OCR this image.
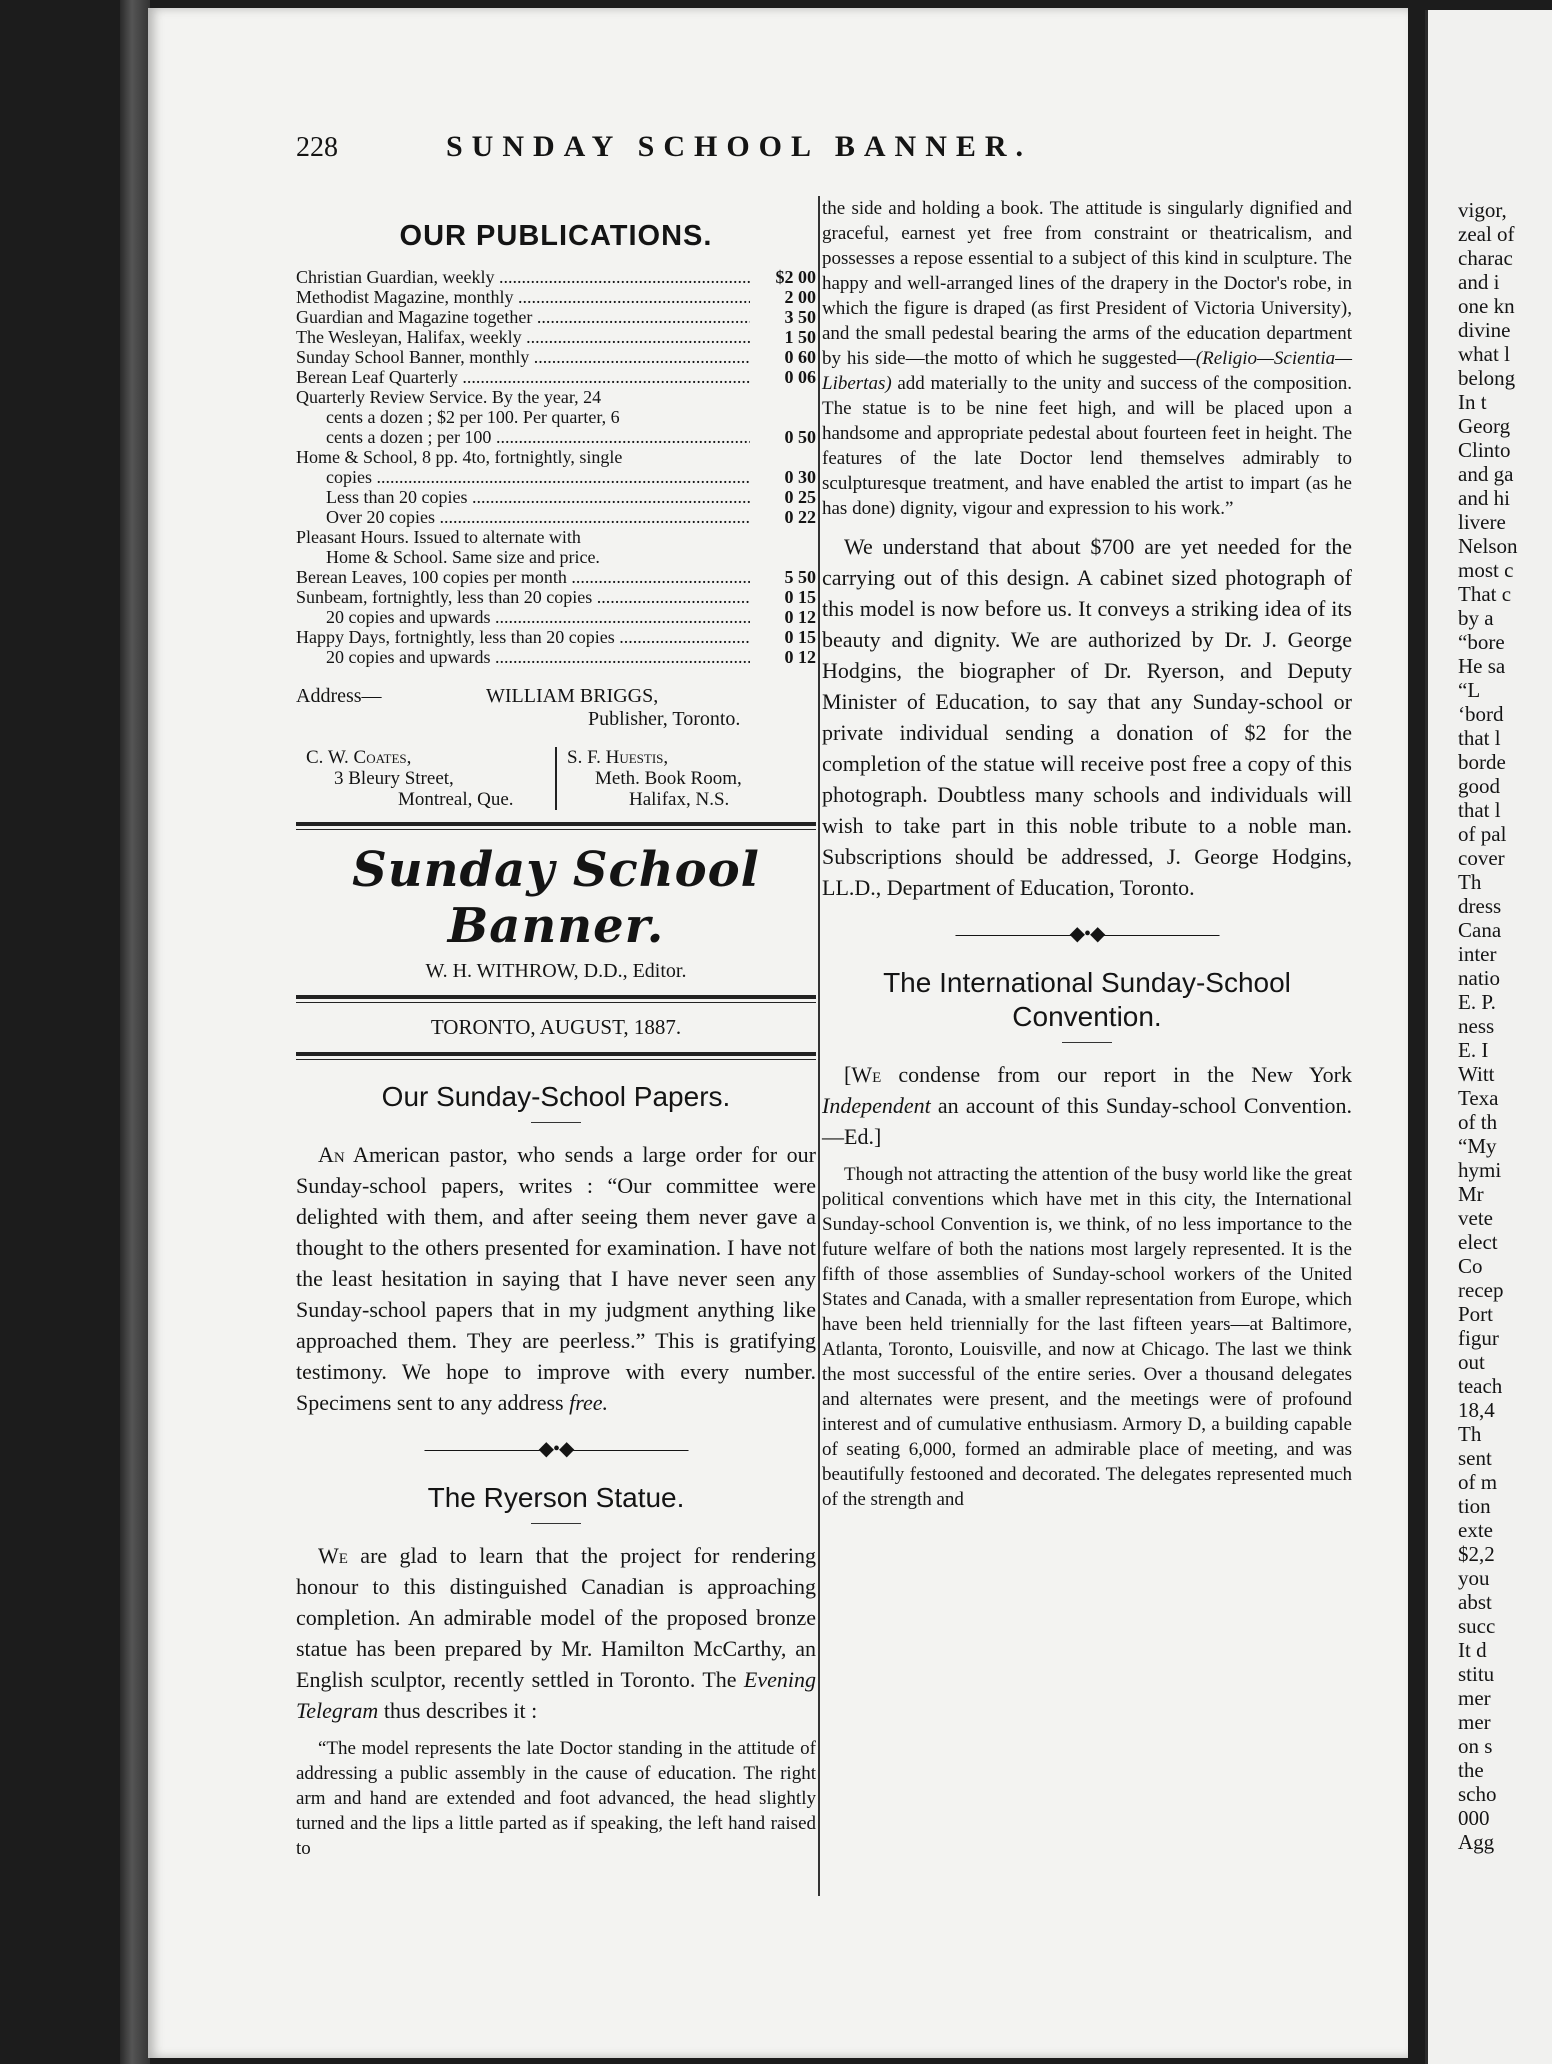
228	SUNDAY SCHOOL BANNER.
OUR PUBLICATIONS.
Christian Guardian, weekly .....	$2 00
Methodist Magazine, monthly .....	2 00
Guardian and Magazine together .....	3 50
The Wesleyan, Halifax, weekly .....	1 50
Sunday School Banner, monthly .....	0 60
Berean Leaf Quarterly .....	0 06
Quarterly Review Service. By the year, 24
cents a dozen ; $2 per 100. Per quarter, 6
cents a dozen ; per 100 .....	0 50
Home & School, 8 pp. 4to, fortnightly, single
copies .....	0 30
Less than 20 copies .....	0 25
Over 20 copies .....	0 22
Pleasant Hours. Issued to alternate with
Home & School. Same size and price.
Berean Leaves, 100 copies per month .....	5 50
Sunbeam, fortnightly, less than 20 copies .....	0 15
20 copies and upwards .....	0 12
Happy Days, fortnightly, less than 20 copies .....	0 15
20 copies and upwards .....	0 12
Address—	WILLIAM BRIGGS,
Publisher, Toronto.
C. W. Coates,
3 Bleury Street,
Montreal, Que.
S. F. Huestis,
Meth. Book Room,
Halifax, N.S.
Sunday School Banner.
W. H. WITHROW, D.D., Editor.
TORONTO, AUGUST, 1887.
Our Sunday-School Papers.

An American pastor, who sends a large order for our Sunday-school papers, writes : “Our committee were delighted with them, and after seeing them never gave a thought to the others presented for examination. I have not the least hesitation in saying that I have never seen any Sunday-school papers that in my judgment anything like approached them. They are peerless.” This is gratifying testimony. We hope to improve with every number. Specimens sent to any address free.

——————◆•◆——————
The Ryerson Statue.

We are glad to learn that the project for rendering honour to this distinguished Canadian is approaching completion. An admirable model of the proposed bronze statue has been prepared by Mr. Hamilton McCarthy, an English sculptor, recently settled in Toronto. The Evening Telegram thus describes it :

“The model represents the late Doctor standing in the attitude of addressing a public assembly in the cause of education. The right arm and hand are extended and foot advanced, the head slightly turned and the lips a little parted as if speaking, the left hand raised to

the side and holding a book. The attitude is singularly dignified and graceful, earnest yet free from constraint or theatricalism, and possesses a repose essential to a subject of this kind in sculpture. The happy and well-arranged lines of the drapery in the Doctor's robe, in which the figure is draped (as first President of Victoria University), and the small pedestal bearing the arms of the education department by his side—the motto of which he suggested—(Religio—Scientia—Libertas) add materially to the unity and success of the composition. The statue is to be nine feet high, and will be placed upon a handsome and appropriate pedestal about fourteen feet in height. The features of the late Doctor lend themselves admirably to sculpturesque treatment, and have enabled the artist to impart (as he has done) dignity, vigour and expression to his work.”

We understand that about $700 are yet needed for the carrying out of this design. A cabinet sized photograph of this model is now before us. It conveys a striking idea of its beauty and dignity. We are authorized by Dr. J. George Hodgins, the biographer of Dr. Ryerson, and Deputy Minister of Education, to say that any Sunday-school or private individual sending a donation of $2 for the completion of the statue will receive post free a copy of this photograph. Doubtless many schools and individuals will wish to take part in this noble tribute to a noble man. Subscriptions should be addressed, J. George Hodgins, LL.D., Department of Education, Toronto.

——————◆•◆——————
The International Sunday-School Convention.

[We condense from our report in the New York Independent an account of this Sunday-school Convention.—Ed.]

Though not attracting the attention of the busy world like the great political conventions which have met in this city, the International Sunday-school Convention is, we think, of no less importance to the future welfare of both the nations most largely represented. It is the fifth of those assemblies of Sunday-school workers of the United States and Canada, with a smaller representation from Europe, which have been held triennially for the last fifteen years—at Baltimore, Atlanta, Toronto, Louisville, and now at Chicago. The last we think the most successful of the entire series. Over a thousand delegates and alternates were present, and the meetings were of profound interest and of cumulative enthusiasm. Armory D, a building capable of seating 6,000, formed an admirable place of meeting, and was beautifully festooned and decorated. The delegates represented much of the strength and

vigor,
zeal of
charac
and i
one kn
divine
what l
belong
In t
Georg
Clinto
and ga
and hi
livere
Nelson
most c
That c
by a
“bore
He sa
“L
‘bord
that l
borde
good
that l
of pal
cover
Th
dress
Cana
inter
natio
E. P.
ness
E. I
Witt
Texa
of th
“My
hymi
Mr
vete
elect
Co
recep
Port
figur
out
teach
18,4
Th
sent
of m
tion
exte
$2,2
you
abst
succ
It d
stitu
mer
mer
on s
the
scho
000
Agg
